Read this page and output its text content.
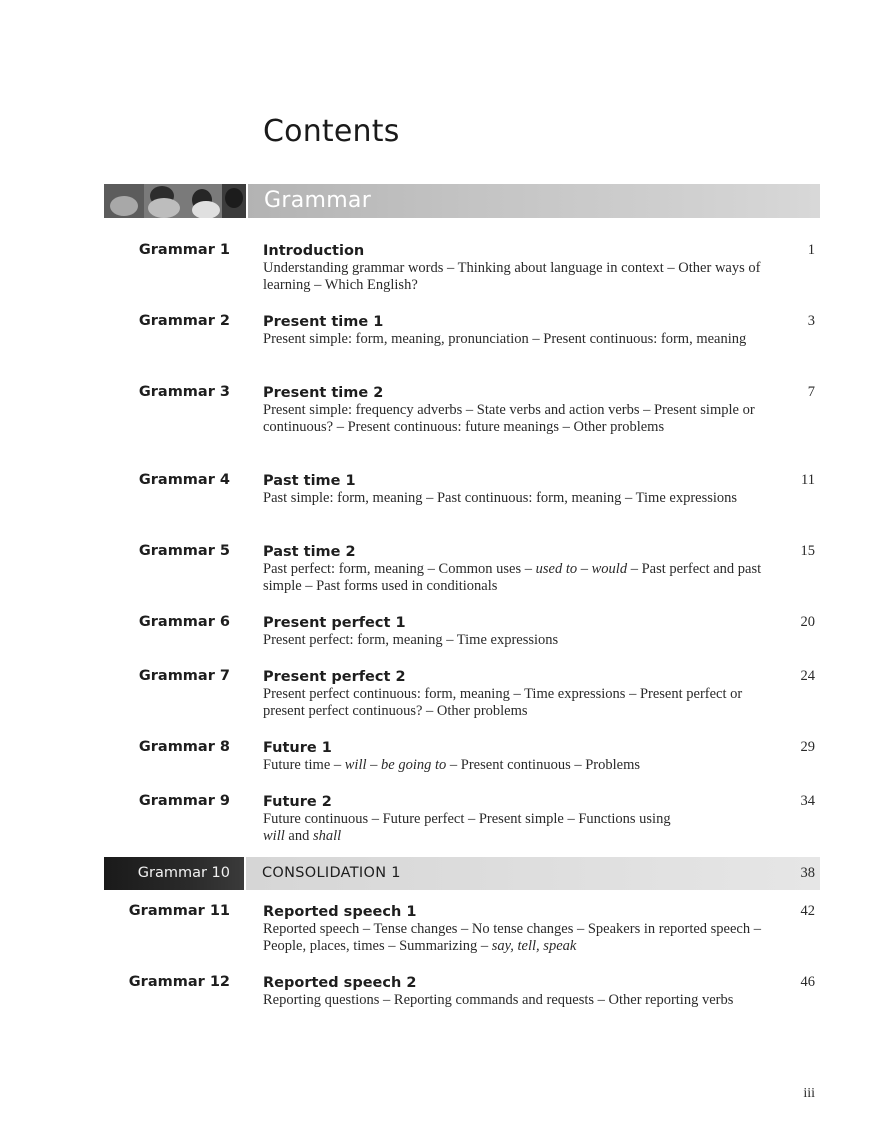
Contents
Grammar
Grammar 1 Introduction
Understanding grammar words – Thinking about language in context – Other ways of learning – Which English?
1
Grammar 2 Present time 1
Present simple: form, meaning, pronunciation – Present continuous: form, meaning
3
Grammar 3 Present time 2
Present simple: frequency adverbs – State verbs and action verbs – Present simple or continuous? – Present continuous: future meanings – Other problems
7
Grammar 4 Past time 1
Past simple: form, meaning – Past continuous: form, meaning – Time expressions
11
Grammar 5 Past time 2
Past perfect: form, meaning – Common uses – used to – would – Past perfect and past simple – Past forms used in conditionals
15
Grammar 6 Present perfect 1
Present perfect: form, meaning – Time expressions
20
Grammar 7 Present perfect 2
Present perfect continuous: form, meaning – Time expressions – Present perfect or present perfect continuous? – Other problems
24
Grammar 8 Future 1
Future time – will – be going to – Present continuous – Problems
29
Grammar 9 Future 2
Future continuous – Future perfect – Present simple – Functions using
will and shall
34
Grammar 10 CONSOLIDATION 1	38
Grammar 11 Reported speech 1
Reported speech – Tense changes – No tense changes – Speakers in reported speech – People, places, times – Summarizing – say, tell, speak
42
Grammar 12 Reported speech 2
Reporting questions – Reporting commands and requests – Other reporting verbs
46
iii
